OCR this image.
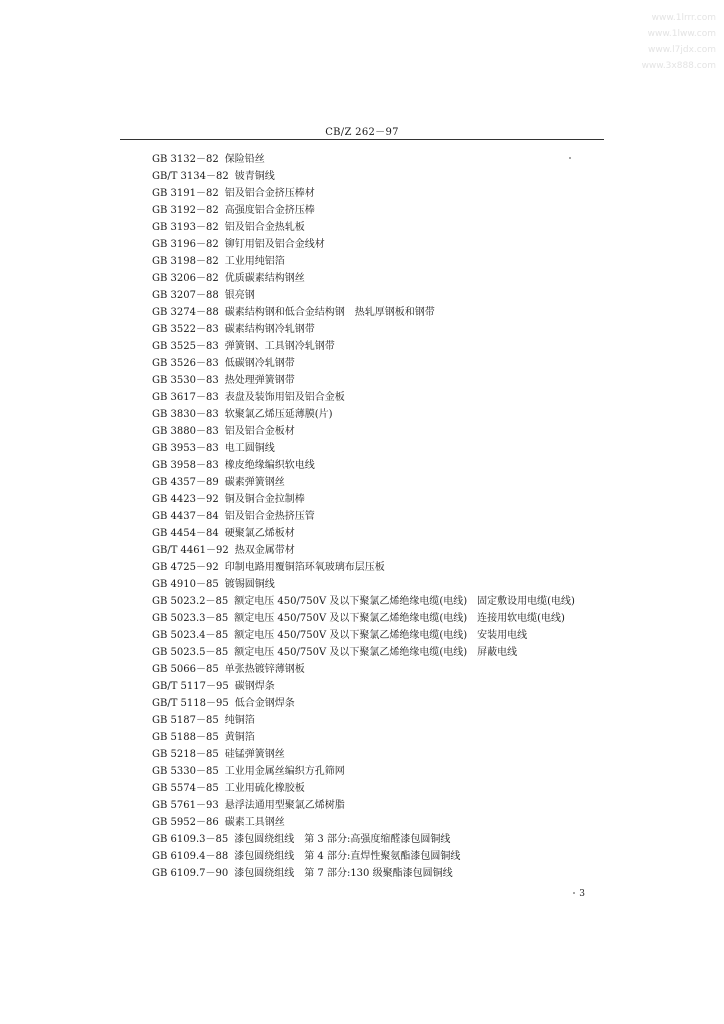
www.1lrrr.com
www.1lww.com
www.l7jdx.com
www.3x888.com
CB/Z 262－97
GB 3132－82 保险铅丝
GB/T 3134－82 铍青铜线
GB 3191－82 铝及铝合金挤压棒材
GB 3192－82 高强度铝合金挤压棒
GB 3193－82 铝及铝合金热轧板
GB 3196－82 铆钉用铝及铝合金线材
GB 3198－82 工业用纯铝箔
GB 3206－82 优质碳素结构钢丝
GB 3207－88 银亮钢
GB 3274－88 碳素结构钢和低合金结构钢　热轧厚钢板和钢带
GB 3522－83 碳素结构钢冷轧钢带
GB 3525－83 弹簧钢、工具钢冷轧钢带
GB 3526－83 低碳钢冷轧钢带
GB 3530－83 热处理弹簧钢带
GB 3617－83 表盘及装饰用铝及铝合金板
GB 3830－83 软聚氯乙烯压延薄膜(片)
GB 3880－83 铝及铝合金板材
GB 3953－83 电工圆铜线
GB 3958－83 橡皮绝缘编织软电线
GB 4357－89 碳素弹簧钢丝
GB 4423－92 铜及铜合金拉制棒
GB 4437－84 铝及铝合金热挤压管
GB 4454－84 硬聚氯乙烯板材
GB/T 4461－92 热双金属带材
GB 4725－92 印制电路用覆铜箔环氧玻璃布层压板
GB 4910－85 镀锡圆铜线
GB 5023.2－85 额定电压 450/750V 及以下聚氯乙烯绝缘电缆(电线)　固定敷设用电缆(电线)
GB 5023.3－85 额定电压 450/750V 及以下聚氯乙烯绝缘电缆(电线)　连接用软电缆(电线)
GB 5023.4－85 额定电压 450/750V 及以下聚氯乙烯绝缘电缆(电线)　安装用电线
GB 5023.5－85 额定电压 450/750V 及以下聚氯乙烯绝缘电缆(电线)　屏蔽电线
GB 5066－85 单张热镀锌薄钢板
GB/T 5117－95 碳钢焊条
GB/T 5118－95 低合金钢焊条
GB 5187－85 纯铜箔
GB 5188－85 黄铜箔
GB 5218－85 硅锰弹簧钢丝
GB 5330－85 工业用金属丝编织方孔筛网
GB 5574－85 工业用硫化橡胶板
GB 5761－93 悬浮法通用型聚氯乙烯树脂
GB 5952－86 碳素工具钢丝
GB 6109.3－85 漆包圆绕组线　第 3 部分:高强度缩醛漆包圆铜线
GB 6109.4－88 漆包圆绕组线　第 4 部分:直焊性聚氨酯漆包圆铜线
GB 6109.7－90 漆包圆绕组线　第 7 部分:130 级聚酯漆包圆铜线
3
